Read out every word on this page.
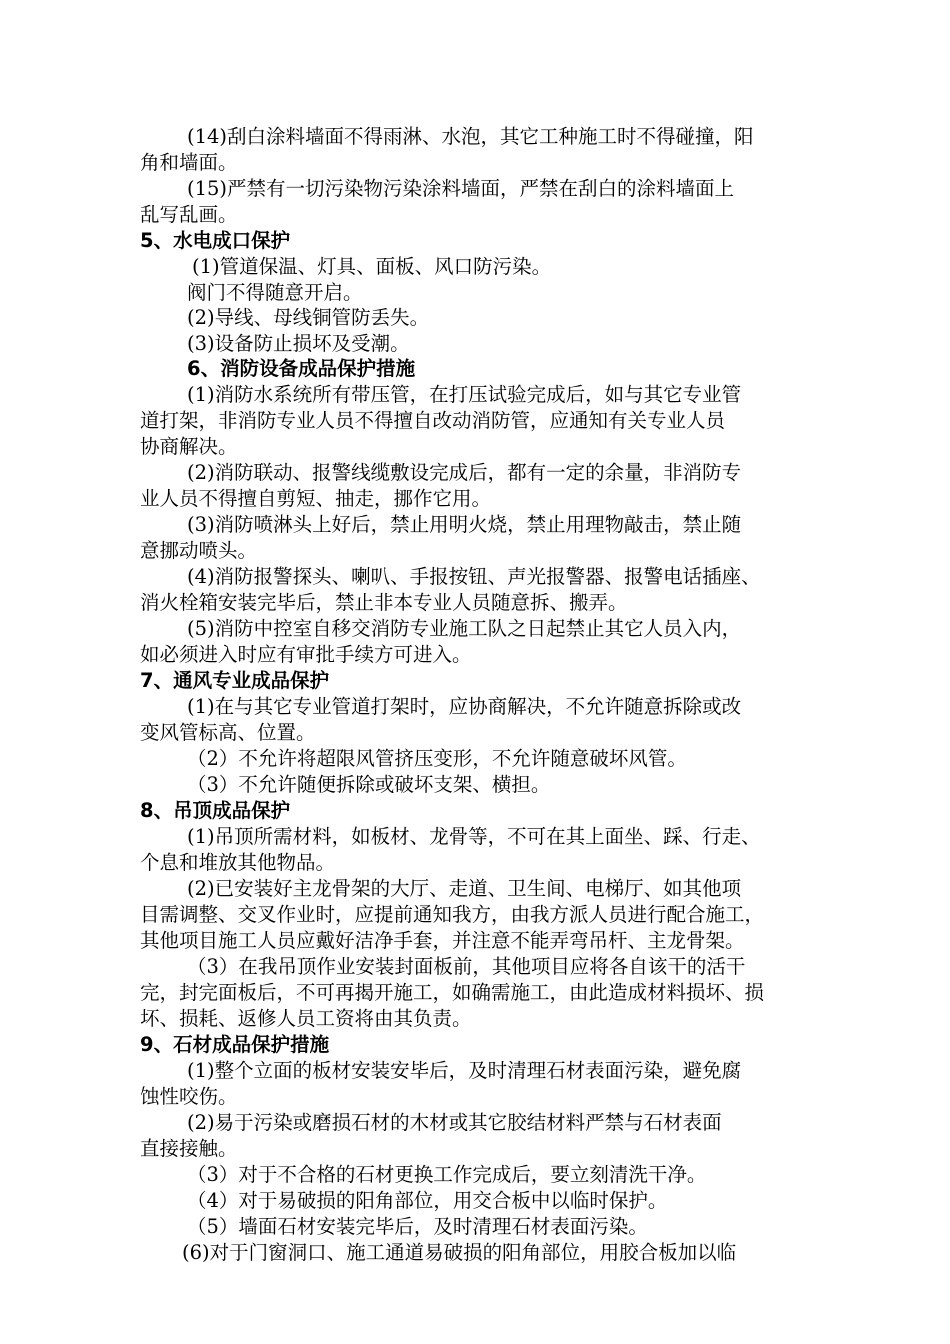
(14)刮白涂料墙面不得雨淋、水泡，其它工种施工时不得碰撞，阳
角和墙面。
(15)严禁有一切污染物污染涂料墙面，严禁在刮白的涂料墙面上
乱写乱画。
5、水电成口保护
(1)管道保温、灯具、面板、风口防污染。
阀门不得随意开启。
(2)导线、母线铜管防丢失。
(3)设备防止损坏及受潮。
6、消防设备成品保护措施
(1)消防水系统所有带压管，在打压试验完成后，如与其它专业管
道打架，非消防专业人员不得擅自改动消防管，应通知有关专业人员
协商解决。
(2)消防联动、报警线缆敷设完成后，都有一定的余量，非消防专
业人员不得擅自剪短、抽走，挪作它用。
(3)消防喷淋头上好后，禁止用明火烧，禁止用理物敲击，禁止随
意挪动喷头。
(4)消防报警探头、喇叭、手报按钮、声光报警器、报警电话插座、
消火栓箱安装完毕后，禁止非本专业人员随意拆、搬弄。
(5)消防中控室自移交消防专业施工队之日起禁止其它人员入内，
如必须进入时应有审批手续方可进入。
7、通风专业成品保护
(1)在与其它专业管道打架时，应协商解决，不允许随意拆除或改
变风管标高、位置。
（2）不允许将超限风管挤压变形，不允许随意破坏风管。
（3）不允许随便拆除或破坏支架、横担。
8、吊顶成品保护
(1)吊顶所需材料，如板材、龙骨等，不可在其上面坐、踩、行走、
个息和堆放其他物品。
(2)已安装好主龙骨架的大厅、走道、卫生间、电梯厅、如其他项
目需调整、交叉作业时，应提前通知我方，由我方派人员进行配合施工，
其他项目施工人员应戴好洁净手套，并注意不能弄弯吊杆、主龙骨架。
（3）在我吊顶作业安装封面板前，其他项目应将各自该干的活干
完，封完面板后，不可再揭开施工，如确需施工，由此造成材料损坏、损
坏、损耗、返修人员工资将由其负责。
9、石材成品保护措施
(1)整个立面的板材安装安毕后，及时清理石材表面污染，避免腐
蚀性咬伤。
(2)易于污染或磨损石材的木材或其它胶结材料严禁与石材表面
直接接触。
（3）对于不合格的石材更换工作完成后，要立刻清洗干净。
（4）对于易破损的阳角部位，用交合板中以临时保护。
（5）墙面石材安装完毕后，及时清理石材表面污染。
(6)对于门窗洞口、施工通道易破损的阳角部位，用胶合板加以临
